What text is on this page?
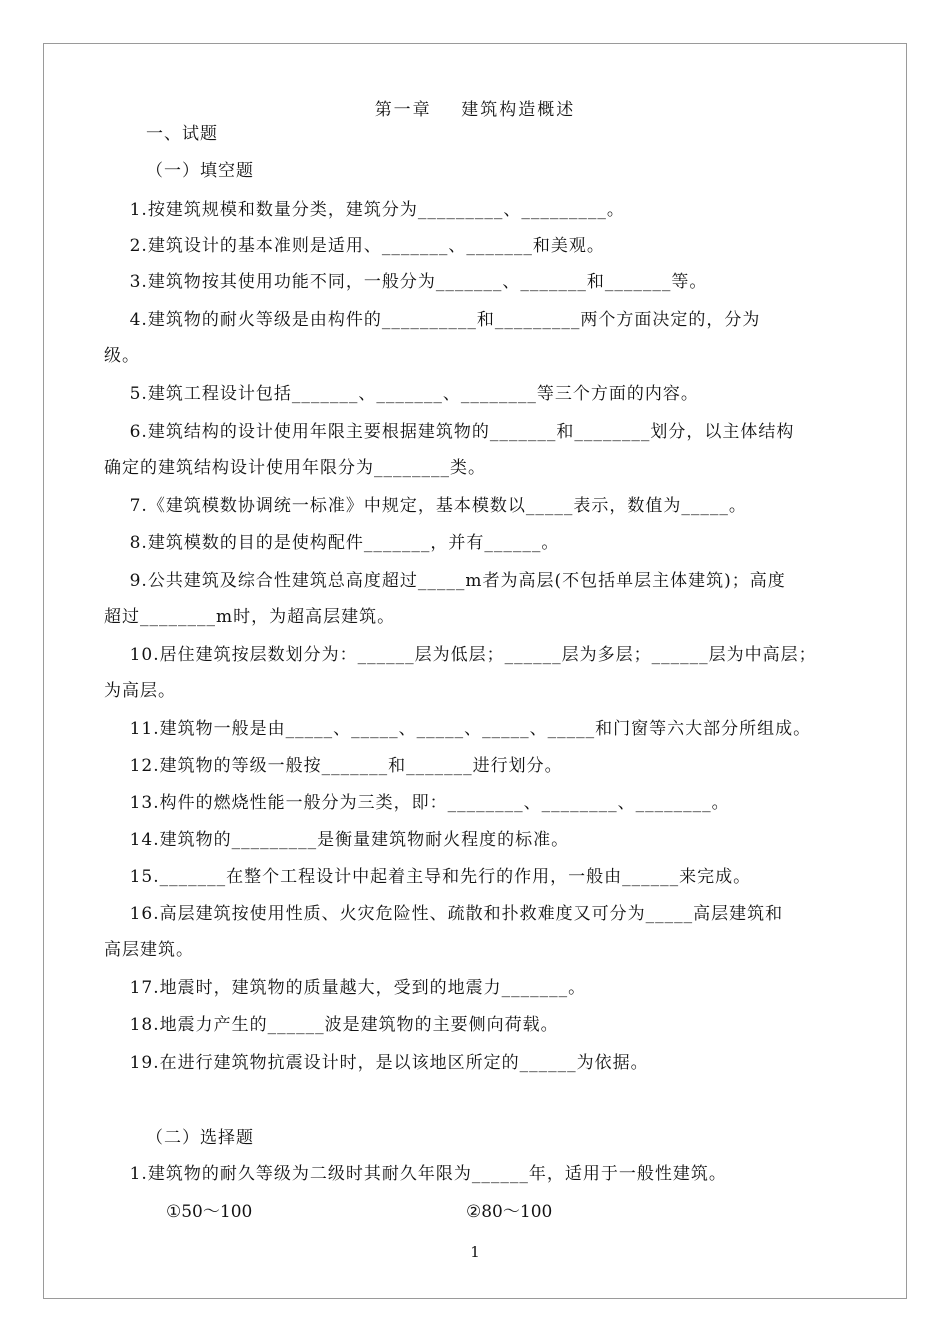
第一章    建筑构造概述
一、试题
（一）填空题
1.按建筑规模和数量分类，建筑分为_________、_________。
2.建筑设计的基本准则是适用、_______、_______和美观。
3.建筑物按其使用功能不同，一般分为_______、_______和_______等。
4.建筑物的耐火等级是由构件的__________和_________两个方面决定的，分为
级。
5.建筑工程设计包括_______、_______、________等三个方面的内容。
6.建筑结构的设计使用年限主要根据建筑物的_______和________划分，以主体结构
确定的建筑结构设计使用年限分为________类。
7.《建筑模数协调统一标准》中规定，基本模数以_____表示，数值为_____。
8.建筑模数的目的是使构配件_______，并有______。
9.公共建筑及综合性建筑总高度超过_____m者为高层(不包括单层主体建筑)；高度
超过________m时，为超高层建筑。
10.居住建筑按层数划分为：______层为低层；______层为多层；______层为中高层；
为高层。
11.建筑物一般是由_____、_____、_____、_____、_____和门窗等六大部分所组成。
12.建筑物的等级一般按_______和_______进行划分。
13.构件的燃烧性能一般分为三类，即：________、________、________。
14.建筑物的_________是衡量建筑物耐火程度的标准。
15._______在整个工程设计中起着主导和先行的作用，一般由______来完成。
16.高层建筑按使用性质、火灾危险性、疏散和扑救难度又可分为_____高层建筑和
高层建筑。
17.地震时，建筑物的质量越大，受到的地震力_______。
18.地震力产生的______波是建筑物的主要侧向荷载。
19.在进行建筑物抗震设计时，是以该地区所定的______为依据。
（二）选择题
1.建筑物的耐久等级为二级时其耐久年限为______年，适用于一般性建筑。
①50～100	②80～100
1
